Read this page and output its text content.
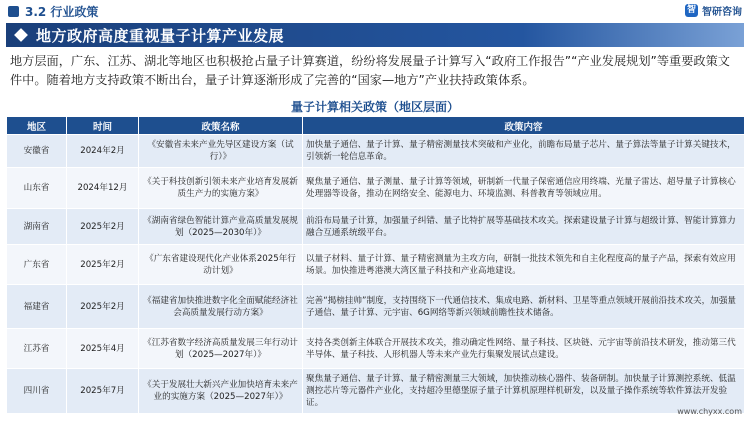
3.2 行业政策	智 智研咨询
地方政府高度重视量子计算产业发展

地方层面，广东、江苏、湖北等地区也积极抢占量子计算赛道，纷纷将发展量子计算写入“政府工作报告”“产业发展规划”等重要政策文件中。随着地方支持政策不断出台，量子计算逐渐形成了完善的“国家—地方”产业扶持政策体系。

量子计算相关政策（地区层面）
地区	时间	政策名称	政策内容
安徽省	2024年2月	《安徽省未来产业先导区建设方案（试行）》	加快量子通信、量子计算、量子精密测量技术突破和产业化，前瞻布局量子芯片、量子算法等量子计算关键技术，引领新一轮信息革命。
山东省	2024年12月	《关于科技创新引领未来产业培育发展新质生产力的实施方案》	聚焦量子通信、量子测量、量子计算等领域，研制新一代量子保密通信应用终端、光量子雷达、超导量子计算核心处理器等设备，推动在网络安全、能源电力、环境监测、科普教育等领域应用。
湖南省	2025年2月	《湖南省绿色智能计算产业高质量发展规划（2025—2030年）》	前沿布局量子计算，加强量子纠错、量子比特扩展等基础技术攻关。探索建设量子计算与超级计算、智能计算算力融合互通系统级平台。
广东省	2025年2月	《广东省建设现代化产业体系2025年行动计划》	以量子材料、量子计算、量子精密测量为主攻方向，研制一批技术领先和自主化程度高的量子产品，探索有效应用场景。加快推进粤港澳大湾区量子科技和产业高地建设。
福建省	2025年2月	《福建省加快推进数字化全面赋能经济社会高质量发展行动方案》	完善“揭榜挂帅”制度，支持围绕下一代通信技术、集成电路、新材料、卫星等重点领域开展前沿技术攻关，加强量子通信、量子计算、元宇宙、6G网络等新兴领域前瞻性技术储备。
江苏省	2025年4月	《江苏省数字经济高质量发展三年行动计划（2025—2027年）》	支持各类创新主体联合开展技术攻关，推动确定性网络、量子科技、区块链、元宇宙等前沿技术研发，推动第三代半导体、量子科技、人形机器人等未来产业先行集聚发展试点建设。
四川省	2025年7月	《关于发展壮大新兴产业加快培育未来产业的实施方案（2025—2027年）》	聚焦量子通信、量子计算、量子精密测量三大领域，加快推动核心器件、装备研制。加快量子计算测控系统、低温测控芯片等元器件产业化，支持超冷里德堡原子量子计算机原理样机研发，以及量子操作系统等软件算法开发验证。
www.chyxx.com
